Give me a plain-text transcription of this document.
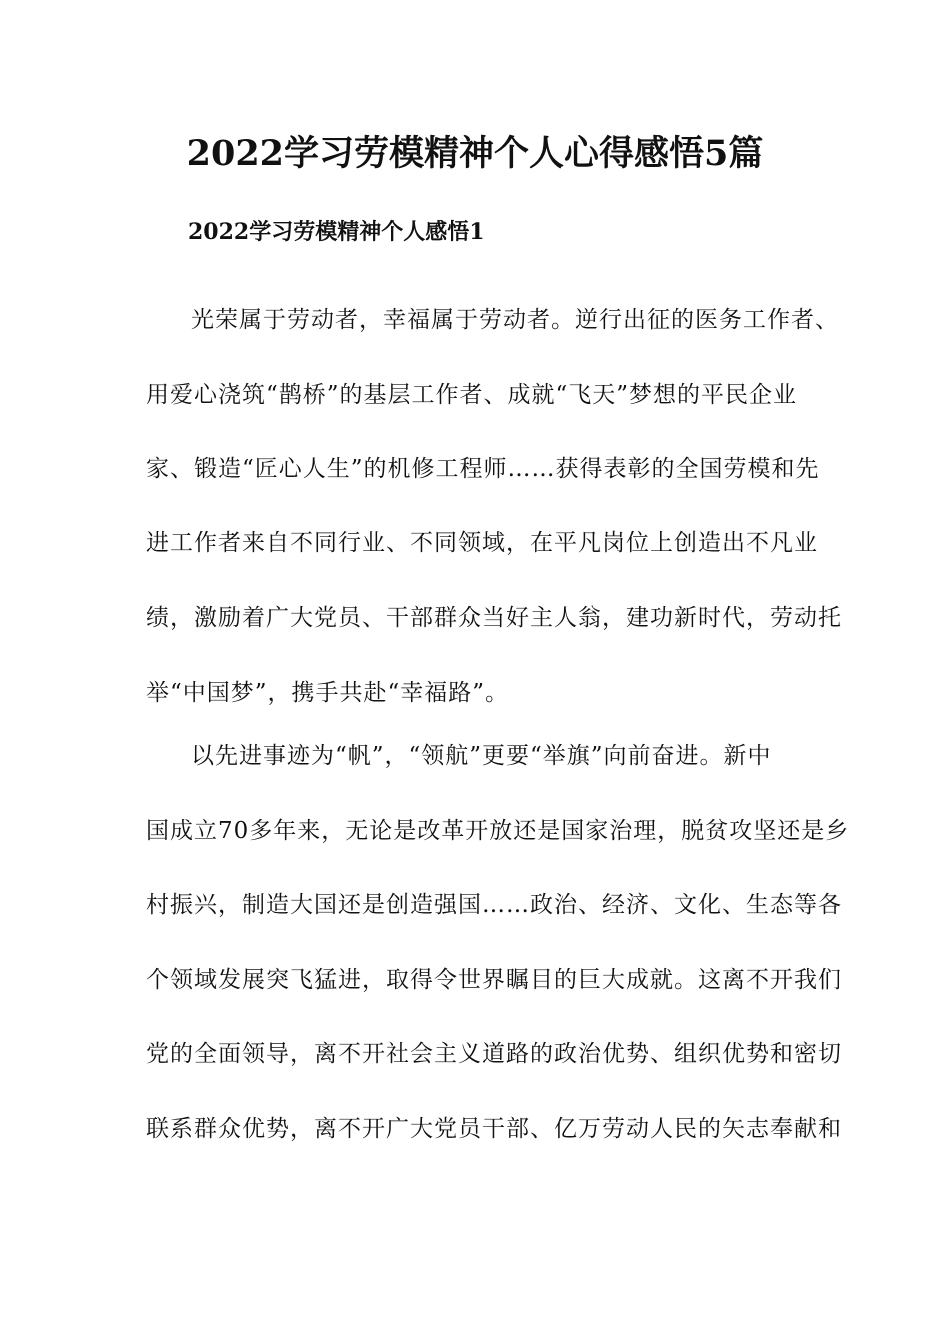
2022学习劳模精神个人心得感悟5篇
2022学习劳模精神个人感悟1
光荣属于劳动者，幸福属于劳动者。逆行出征的医务工作者、
用爱心浇筑“鹊桥”的基层工作者、成就“飞天”梦想的平民企业
家、锻造“匠心人生”的机修工程师……获得表彰的全国劳模和先
进工作者来自不同行业、不同领域，在平凡岗位上创造出不凡业
绩，激励着广大党员、干部群众当好主人翁，建功新时代，劳动托
举“中国梦”，携手共赴“幸福路”。
以先进事迹为“帆”，“领航”更要“举旗”向前奋进。新中
国成立70多年来，无论是改革开放还是国家治理，脱贫攻坚还是乡
村振兴，制造大国还是创造强国……政治、经济、文化、生态等各
个领域发展突飞猛进，取得令世界瞩目的巨大成就。这离不开我们
党的全面领导，离不开社会主义道路的政治优势、组织优势和密切
联系群众优势，离不开广大党员干部、亿万劳动人民的矢志奉献和
